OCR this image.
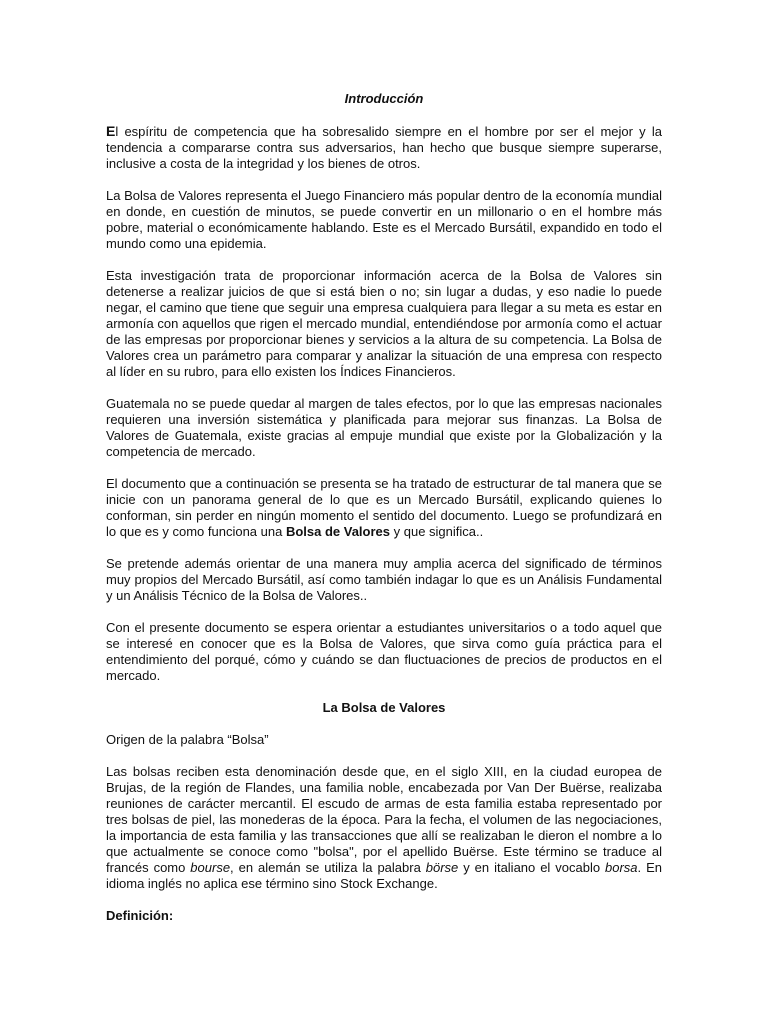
Introducción

El espíritu de competencia que ha sobresalido siempre en el hombre por ser el mejor y la tendencia a compararse contra sus adversarios, han hecho que busque siempre superarse, inclusive a costa de la integridad y los bienes de otros.

La Bolsa de Valores representa el Juego Financiero más popular dentro de la economía mundial en donde, en cuestión de minutos, se puede convertir en un millonario o en el hombre más pobre, material o económicamente hablando. Este es el Mercado Bursátil, expandido en todo el mundo como una epidemia.

Esta investigación trata de proporcionar información acerca de la Bolsa de Valores sin detenerse a realizar juicios de que si está bien o no; sin lugar a dudas, y eso nadie lo puede negar, el camino que tiene que seguir una empresa cualquiera para llegar a su meta es estar en armonía con aquellos que rigen el mercado mundial, entendiéndose por armonía como el actuar de las empresas por proporcionar bienes y servicios a la altura de su competencia. La Bolsa de Valores crea un parámetro para comparar y analizar la situación de una empresa con respecto al líder en su rubro, para ello existen los Índices Financieros.

Guatemala no se puede quedar al margen de tales efectos, por lo que las empresas nacionales requieren una inversión sistemática y planificada para mejorar sus finanzas. La Bolsa de Valores de Guatemala, existe gracias al empuje mundial que existe por la Globalización y la competencia de mercado.

El documento que a continuación se presenta se ha tratado de estructurar de tal manera que se inicie con un panorama general de lo que es un Mercado Bursátil, explicando quienes lo conforman, sin perder en ningún momento el sentido del documento. Luego se profundizará en lo que es y como funciona una Bolsa de Valores y que significa..

Se pretende además orientar de una manera muy amplia acerca del significado de términos muy propios del Mercado Bursátil, así como también indagar lo que es un Análisis Fundamental y un Análisis Técnico de la Bolsa de Valores..

Con el presente documento se espera orientar a estudiantes universitarios o a todo aquel que se interesé en conocer que es la Bolsa de Valores, que sirva como guía práctica para el entendimiento del porqué, cómo y cuándo se dan fluctuaciones de precios de productos en el mercado.

La Bolsa de Valores

Origen de la palabra “Bolsa”

Las bolsas reciben esta denominación desde que, en el siglo XIII, en la ciudad europea de Brujas, de la región de Flandes, una familia noble, encabezada por Van Der Buërse, realizaba reuniones de carácter mercantil. El escudo de armas de esta familia estaba representado por tres bolsas de piel, las monederas de la época. Para la fecha, el volumen de las negociaciones, la importancia de esta familia y las transacciones que allí se realizaban le dieron el nombre a lo que actualmente se conoce como "bolsa", por el apellido Buërse. Este término se traduce al francés como bourse, en alemán se utiliza la palabra börse y en italiano el vocablo borsa. En idioma inglés no aplica ese término sino Stock Exchange.

Definición:
